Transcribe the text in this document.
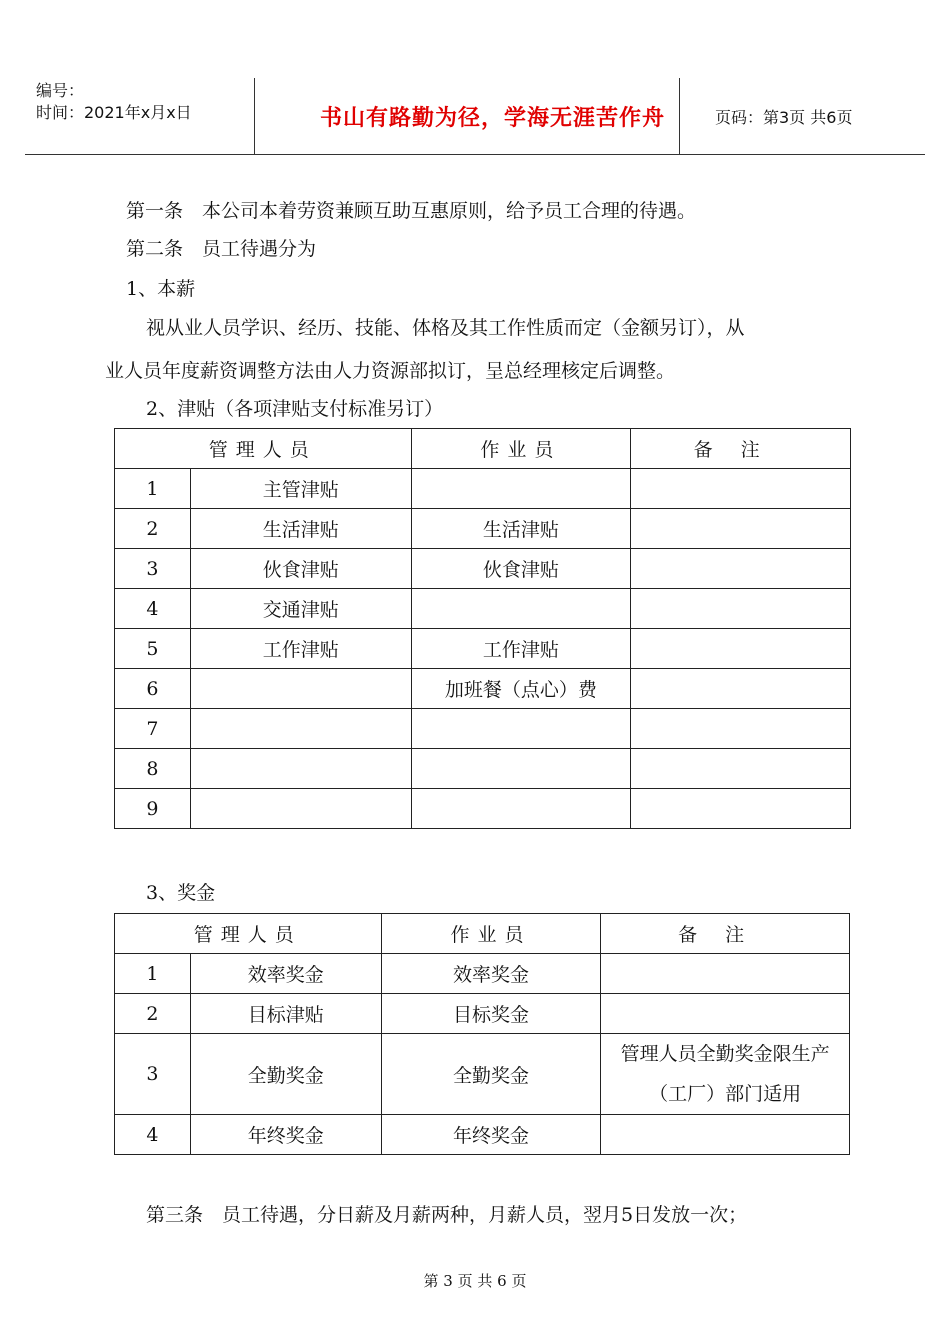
编号：
时间：2021年x月x日	书山有路勤为径，学海无涯苦作舟	页码：第3页 共6页
第一条　本公司本着劳资兼顾互助互惠原则，给予员工合理的待遇。
第二条　员工待遇分为
1、本薪
视从业人员学识、经历、技能、体格及其工作性质而定（金额另订），从
业人员年度薪资调整方法由人力资源部拟订，呈总经理核定后调整。
2、津贴（各项津贴支付标准另订）
管理人员		作业员	备注
1	主管津贴		
2	生活津贴	生活津贴	
3	伙食津贴	伙食津贴	
4	交通津贴		
5	工作津贴	工作津贴	
6		加班餐（点心）费	
7			
8			
9			
3、奖金
管理人员		作业员	备注
1	效率奖金	效率奖金	
2	目标津贴	目标奖金	
3	全勤奖金	全勤奖金	管理人员全勤奖金限生产（工厂）部门适用
4	年终奖金	年终奖金	
第三条　员工待遇，分日薪及月薪两种，月薪人员，翌月5日发放一次；
第 3 页 共 6 页
